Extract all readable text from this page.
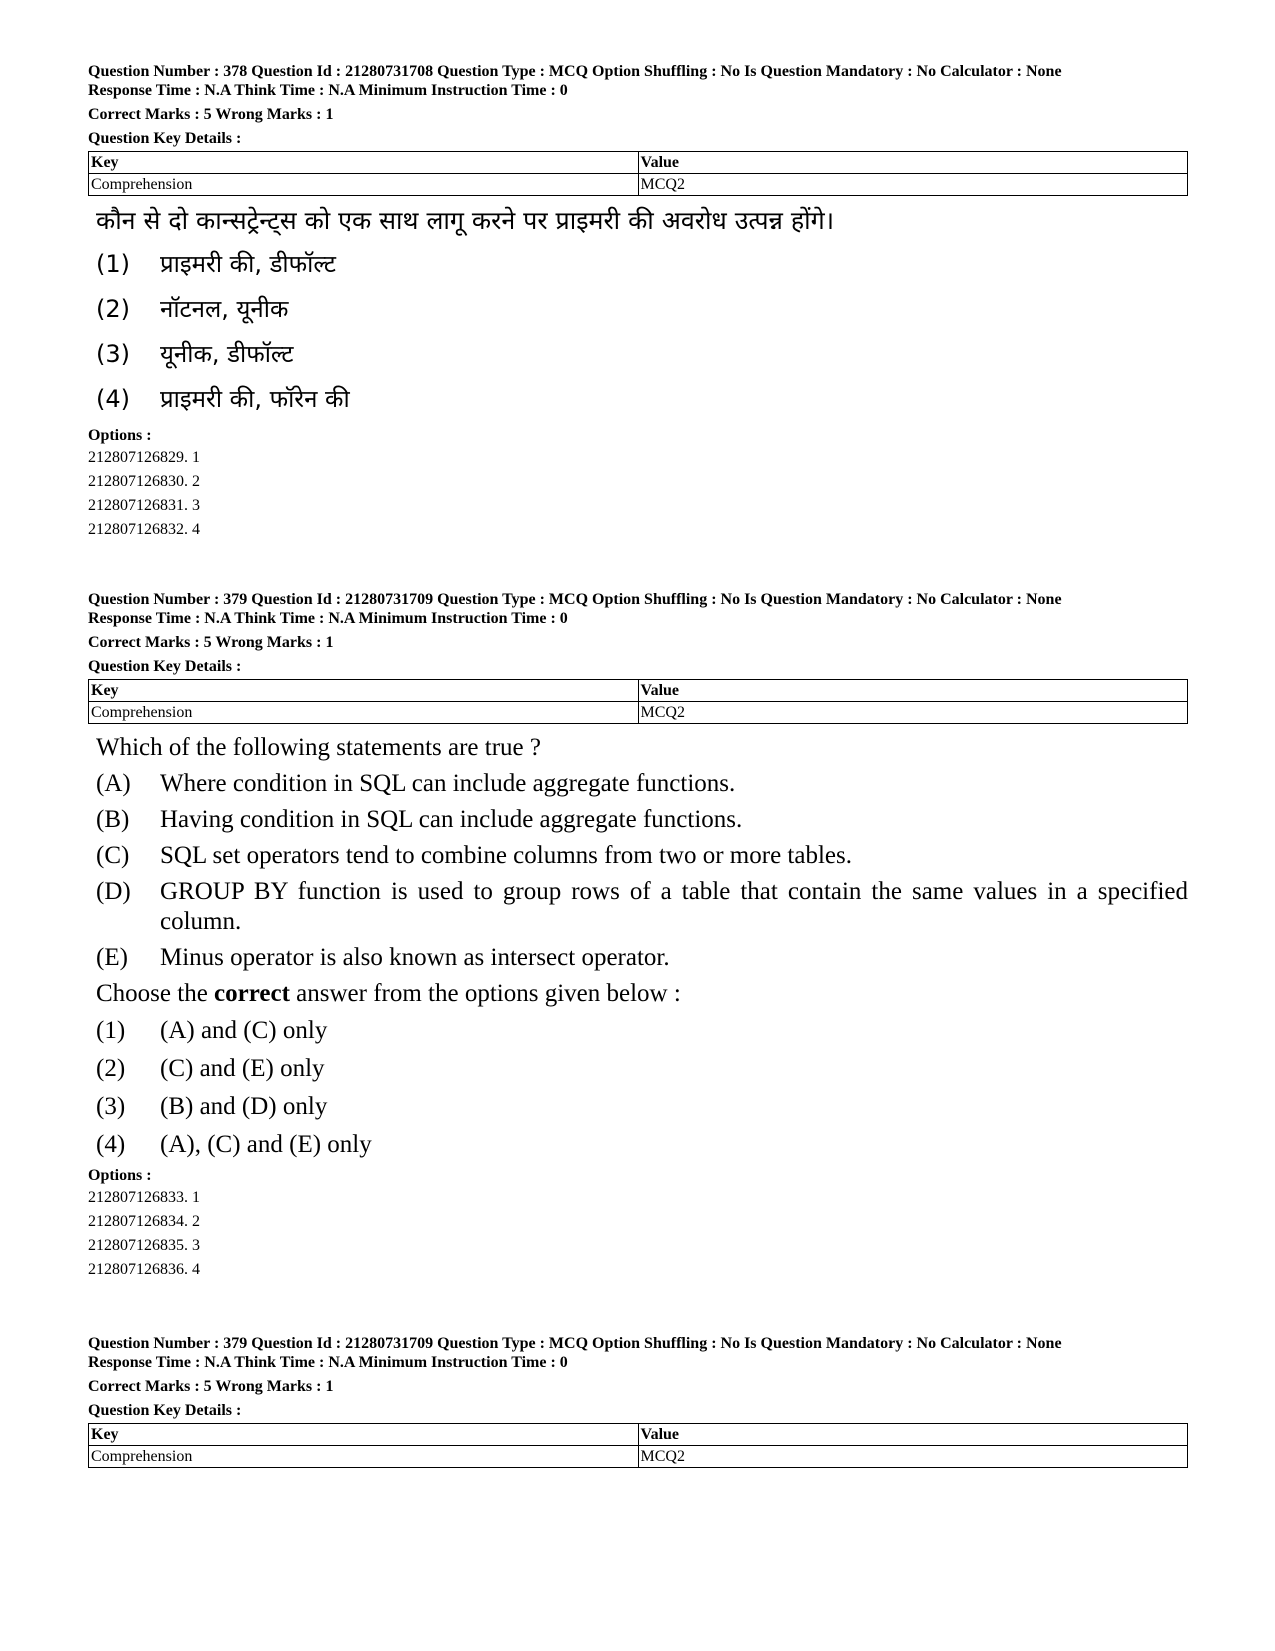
Question Number : 378 Question Id : 21280731708 Question Type : MCQ Option Shuffling : No Is Question Mandatory : No Calculator : None

Response Time : N.A Think Time : N.A Minimum Instruction Time : 0

Correct Marks : 5 Wrong Marks : 1

Question Key Details :
Key	Value
Comprehension	MCQ2
कौन से दो कान्सट्रेन्ट्स को एक साथ लागू करने पर प्राइमरी की अवरोध उत्पन्न होंगे।
(1)	प्राइमरी की, डीफॉल्ट
(2)	नॉटनल, यूनीक
(3)	यूनीक, डीफॉल्ट
(4)	प्राइमरी की, फॉरेन की
Options :
212807126829. 1
212807126830. 2
212807126831. 3
212807126832. 4

Question Number : 379 Question Id : 21280731709 Question Type : MCQ Option Shuffling : No Is Question Mandatory : No Calculator : None

Response Time : N.A Think Time : N.A Minimum Instruction Time : 0

Correct Marks : 5 Wrong Marks : 1

Question Key Details :
Key	Value
Comprehension	MCQ2
Which of the following statements are true ?
(A)	Where condition in SQL can include aggregate functions.
(B)	Having condition in SQL can include aggregate functions.
(C)	SQL set operators tend to combine columns from two or more tables.
(D)	GROUP BY function is used to group rows of a table that contain the same values in a specified column.
(E)	Minus operator is also known as intersect operator.
Choose the correct answer from the options given below :
(1)	(A) and (C) only
(2)	(C) and (E) only
(3)	(B) and (D) only
(4)	(A), (C) and (E) only
Options :
212807126833. 1
212807126834. 2
212807126835. 3
212807126836. 4

Question Number : 379 Question Id : 21280731709 Question Type : MCQ Option Shuffling : No Is Question Mandatory : No Calculator : None

Response Time : N.A Think Time : N.A Minimum Instruction Time : 0

Correct Marks : 5 Wrong Marks : 1

Question Key Details :
Key	Value
Comprehension	MCQ2
